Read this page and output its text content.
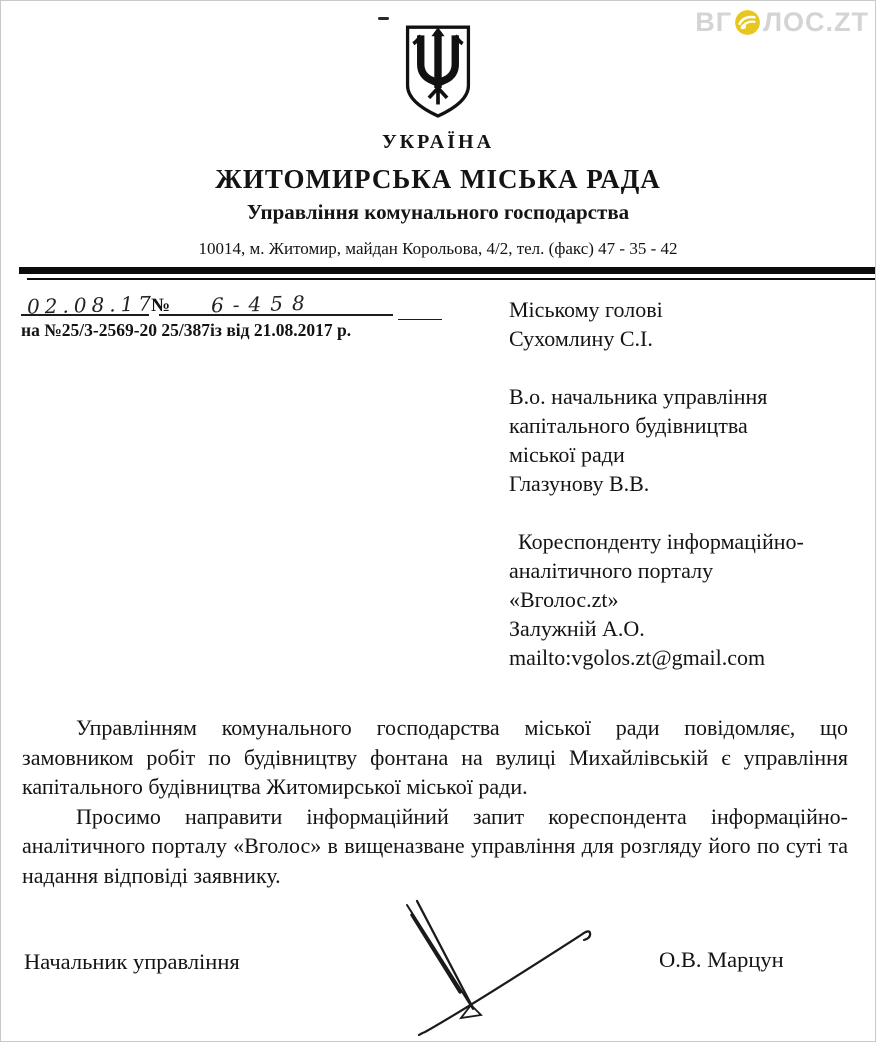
ВГ ЛОС.ZT
УКРАЇНА
ЖИТОМИРСЬКА МІСЬКА РАДА
Управління комунального господарства
10014, м. Житомир, майдан Корольова, 4/2, тел. (факс) 47 - 35 - 42
02.08.17
№ 6-458
на №25/3-2569-20 25/387із від 21.08.2017 р.
Міському голові
Сухомлину С.І.
В.о. начальника управління
капітального будівництва
міської ради
Глазунову В.В.
Кореспонденту інформаційно-
аналітичного порталу
«Вголос.zt»
Залужній А.О.
mailto:vgolos.zt@gmail.com

Управлінням комунального господарства міської ради повідомляє, що замовником робіт по будівництву фонтана на вулиці Михайлівській є управління капітального будівництва Житомирської міської ради.

Просимо направити інформаційний запит кореспондента інформаційно-аналітичного порталу «Вголос» в вищеназване управління для розгляду його по суті та надання відповіді заявнику.

Начальник управління	О.В. Марцун
